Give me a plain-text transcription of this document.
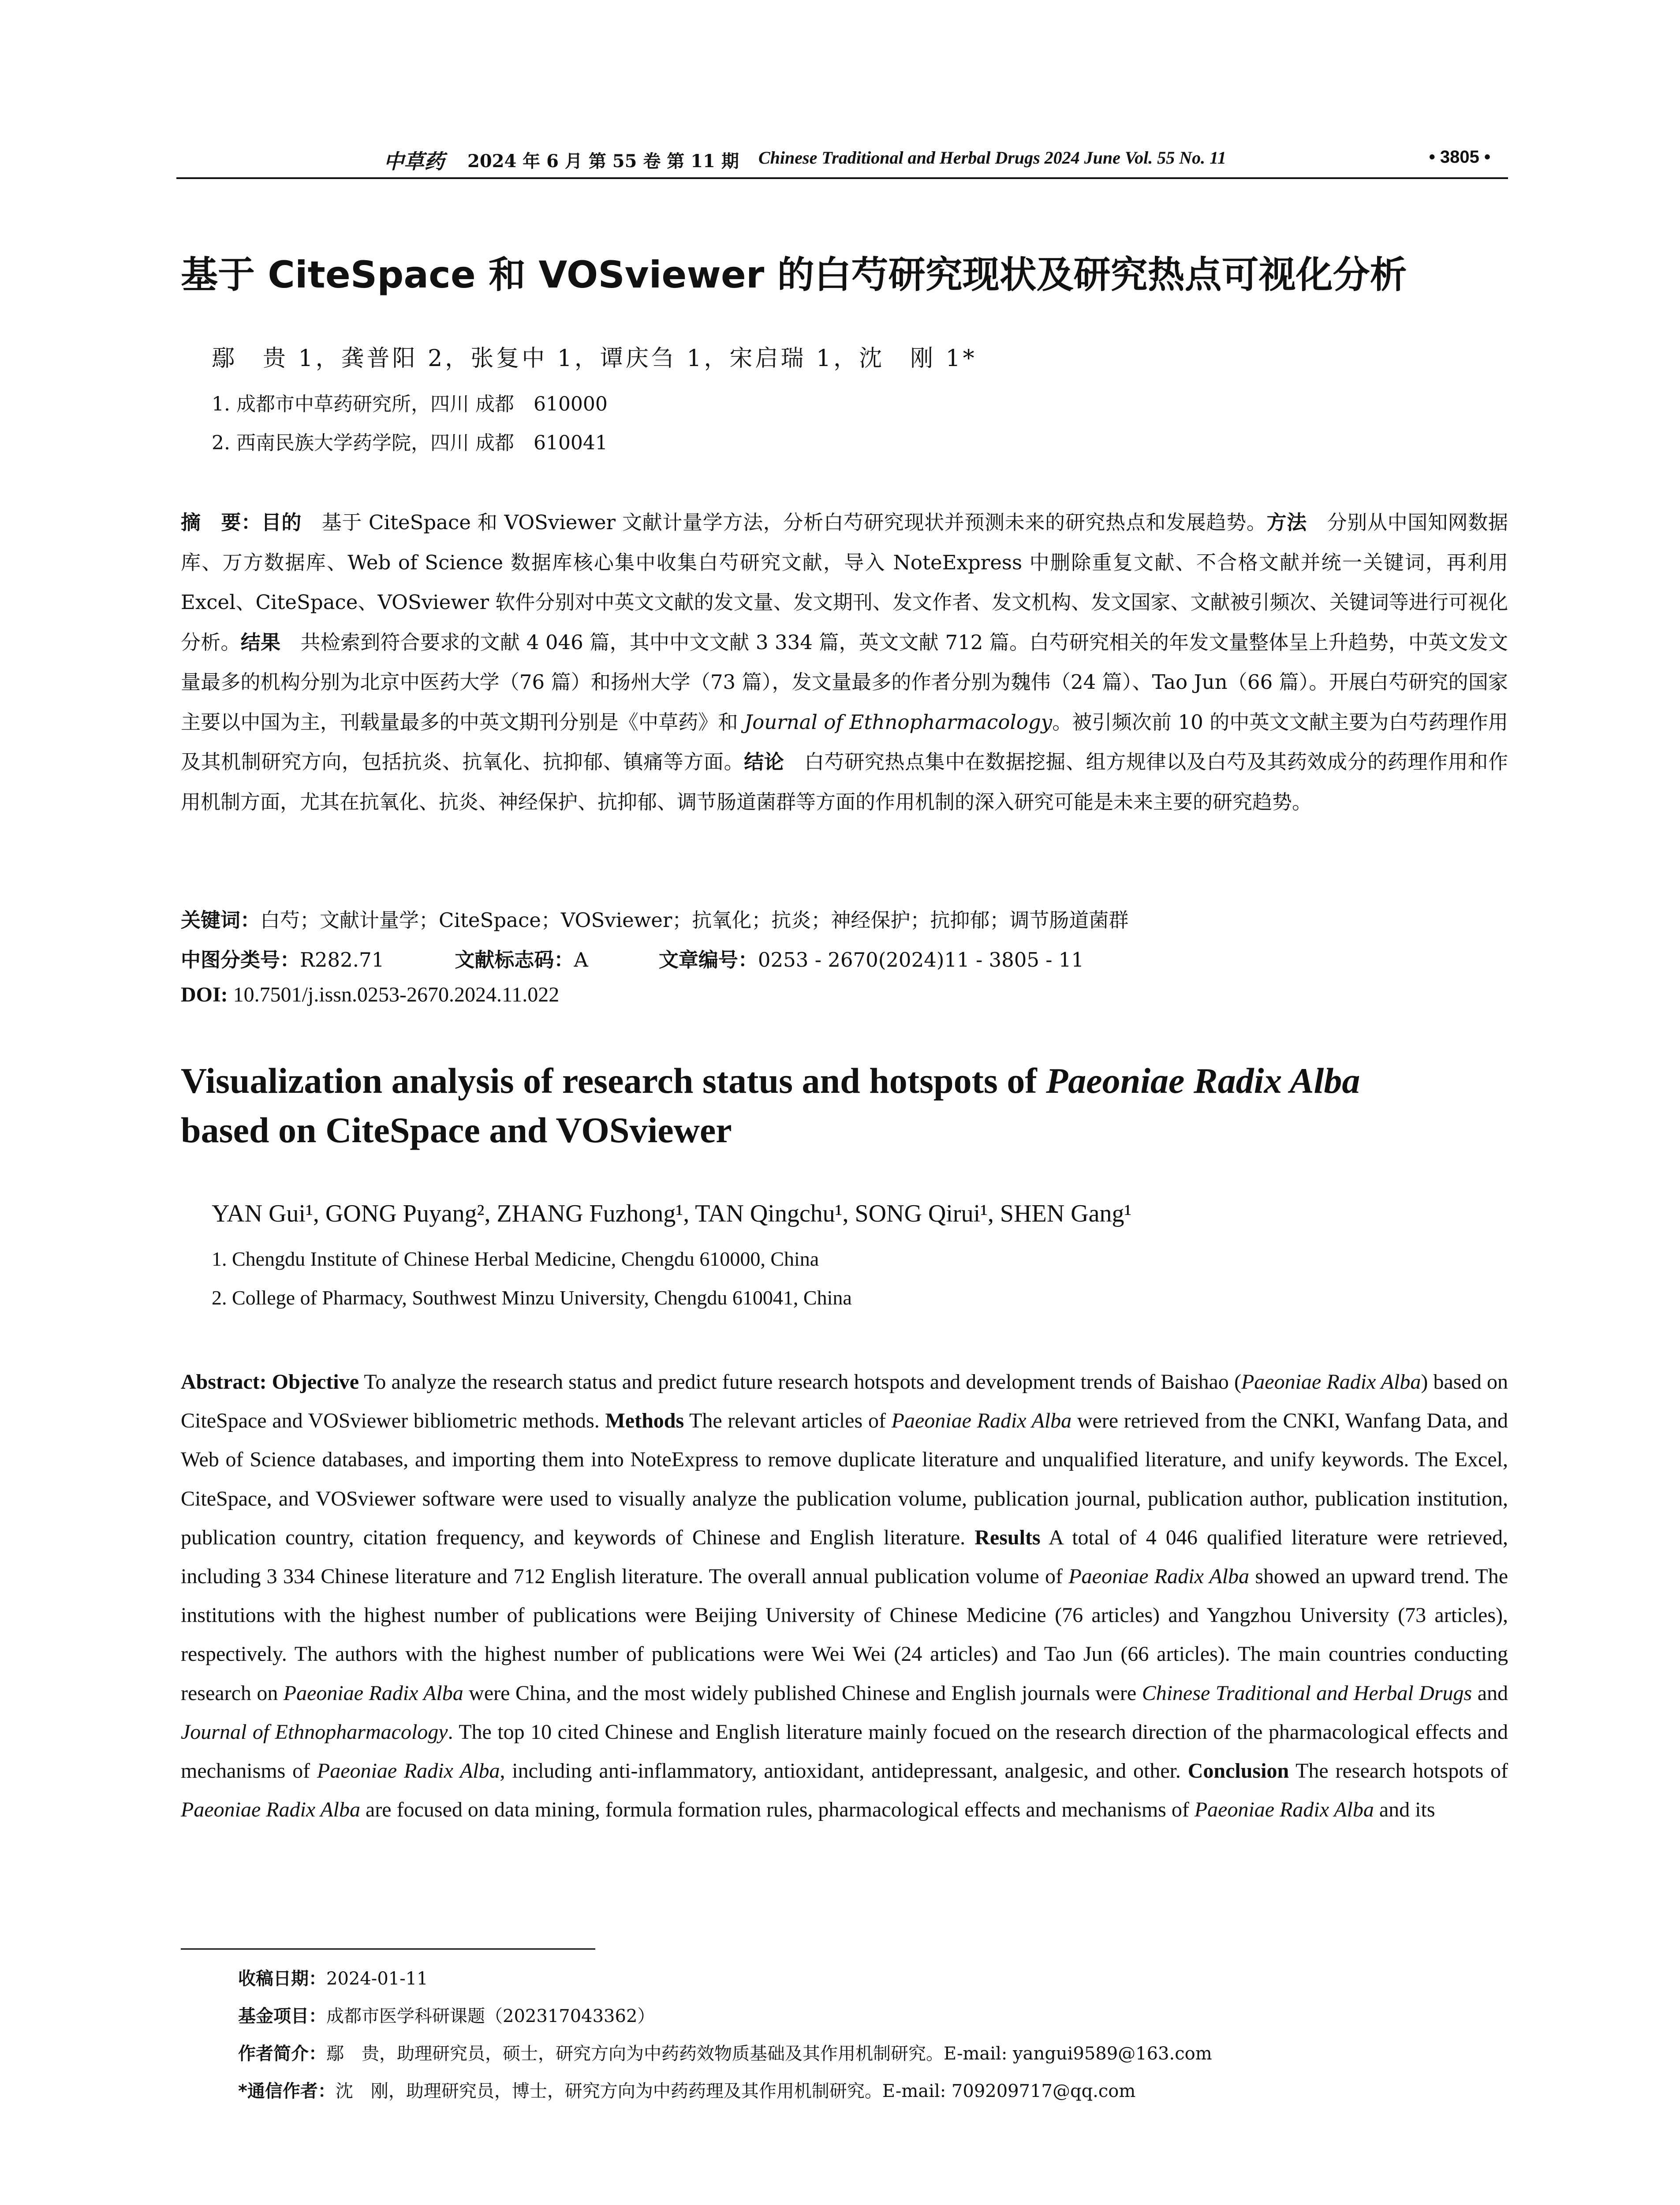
中草药 2024 年 6 月 第 55 卷 第 11 期 Chinese Traditional and Herbal Drugs 2024 June Vol. 55 No. 11	• 3805 •
基于 CiteSpace 和 VOSviewer 的白芍研究现状及研究热点可视化分析
鄢　贵 1，龚普阳 2，张复中 1，谭庆刍 1，宋启瑞 1，沈　刚 1*
1. 成都市中草药研究所，四川 成都　610000
2. 西南民族大学药学院，四川 成都　610041
摘　要：目的　基于 CiteSpace 和 VOSviewer 文献计量学方法，分析白芍研究现状并预测未来的研究热点和发展趋势。方法　分别从中国知网数据库、万方数据库、Web of Science 数据库核心集中收集白芍研究文献，导入 NoteExpress 中删除重复文献、不合格文献并统一关键词，再利用 Excel、CiteSpace、VOSviewer 软件分别对中英文文献的发文量、发文期刊、发文作者、发文机构、发文国家、文献被引频次、关键词等进行可视化分析。结果　共检索到符合要求的文献 4 046 篇，其中中文文献 3 334 篇，英文文献 712 篇。白芍研究相关的年发文量整体呈上升趋势，中英文发文量最多的机构分别为北京中医药大学（76 篇）和扬州大学（73 篇），发文量最多的作者分别为魏伟（24 篇）、Tao Jun（66 篇）。开展白芍研究的国家主要以中国为主，刊载量最多的中英文期刊分别是《中草药》和 Journal of Ethnopharmacology。被引频次前 10 的中英文文献主要为白芍药理作用及其机制研究方向，包括抗炎、抗氧化、抗抑郁、镇痛等方面。结论　白芍研究热点集中在数据挖掘、组方规律以及白芍及其药效成分的药理作用和作用机制方面，尤其在抗氧化、抗炎、神经保护、抗抑郁、调节肠道菌群等方面的作用机制的深入研究可能是未来主要的研究趋势。
关键词：白芍；文献计量学；CiteSpace；VOSviewer；抗氧化；抗炎；神经保护；抗抑郁；调节肠道菌群
中图分类号：R282.71	文献标志码：A	文章编号：0253 - 2670(2024)11 - 3805 - 11
DOI: 10.7501/j.issn.0253-2670.2024.11.022
Visualization analysis of research status and hotspots of Paeoniae Radix Alba
based on CiteSpace and VOSviewer
YAN Gui¹, GONG Puyang², ZHANG Fuzhong¹, TAN Qingchu¹, SONG Qirui¹, SHEN Gang¹
1. Chengdu Institute of Chinese Herbal Medicine, Chengdu 610000, China
2. College of Pharmacy, Southwest Minzu University, Chengdu 610041, China
Abstract: Objective To analyze the research status and predict future research hotspots and development trends of Baishao (Paeoniae Radix Alba) based on CiteSpace and VOSviewer bibliometric methods. Methods The relevant articles of Paeoniae Radix Alba were retrieved from the CNKI, Wanfang Data, and Web of Science databases, and importing them into NoteExpress to remove duplicate literature and unqualified literature, and unify keywords. The Excel, CiteSpace, and VOSviewer software were used to visually analyze the publication volume, publication journal, publication author, publication institution, publication country, citation frequency, and keywords of Chinese and English literature. Results A total of 4 046 qualified literature were retrieved, including 3 334 Chinese literature and 712 English literature. The overall annual publication volume of Paeoniae Radix Alba showed an upward trend. The institutions with the highest number of publications were Beijing University of Chinese Medicine (76 articles) and Yangzhou University (73 articles), respectively. The authors with the highest number of publications were Wei Wei (24 articles) and Tao Jun (66 articles). The main countries conducting research on Paeoniae Radix Alba were China, and the most widely published Chinese and English journals were Chinese Traditional and Herbal Drugs and Journal of Ethnopharmacology. The top 10 cited Chinese and English literature mainly focued on the research direction of the pharmacological effects and mechanisms of Paeoniae Radix Alba, including anti-inflammatory, antioxidant, antidepressant, analgesic, and other. Conclusion The research hotspots of Paeoniae Radix Alba are focused on data mining, formula formation rules, pharmacological effects and mechanisms of Paeoniae Radix Alba and its
收稿日期：2024-01-11
基金项目：成都市医学科研课题（202317043362）
作者简介：鄢　贵，助理研究员，硕士，研究方向为中药药效物质基础及其作用机制研究。E-mail: yangui9589@163.com
*通信作者：沈　刚，助理研究员，博士，研究方向为中药药理及其作用机制研究。E-mail: 709209717@qq.com
